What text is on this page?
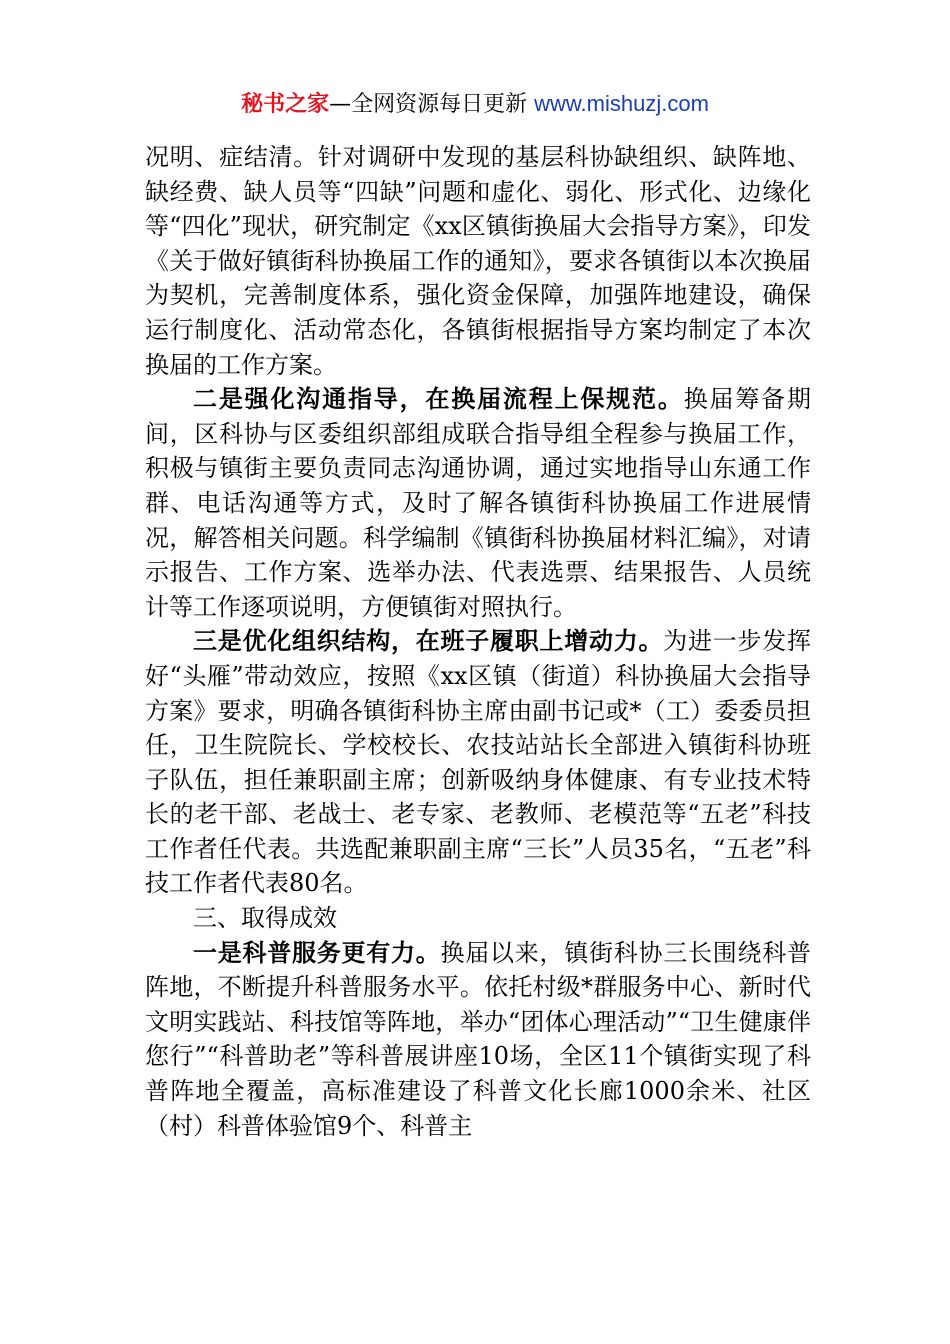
秘书之家—全网资源每日更新 www.mishuzj.com

况明、症结清。针对调研中发现的基层科协缺组织、缺阵地、缺经费、缺人员等“四缺”问题和虚化、弱化、形式化、边缘化等“四化”现状，研究制定《xx区镇街换届大会指导方案》，印发《关于做好镇街科协换届工作的通知》，要求各镇街以本次换届为契机，完善制度体系，强化资金保障，加强阵地建设，确保运行制度化、活动常态化，各镇街根据指导方案均制定了本次换届的工作方案。

二是强化沟通指导，在换届流程上保规范。换届筹备期间，区科协与区委组织部组成联合指导组全程参与换届工作，积极与镇街主要负责同志沟通协调，通过实地指导山东通工作群、电话沟通等方式，及时了解各镇街科协换届工作进展情况，解答相关问题。科学编制《镇街科协换届材料汇编》，对请示报告、工作方案、选举办法、代表选票、结果报告、人员统计等工作逐项说明，方便镇街对照执行。

三是优化组织结构，在班子履职上增动力。为进一步发挥好“头雁”带动效应，按照《xx区镇（街道）科协换届大会指导方案》要求，明确各镇街科协主席由副书记或*（工）委委员担任，卫生院院长、学校校长、农技站站长全部进入镇街科协班子队伍，担任兼职副主席；创新吸纳身体健康、有专业技术特长的老干部、老战士、老专家、老教师、老模范等“五老”科技工作者任代表。共选配兼职副主席“三长”人员35名，“五老”科技工作者代表80名。

三、取得成效

一是科普服务更有力。换届以来，镇街科协三长围绕科普阵地，不断提升科普服务水平。依托村级*群服务中心、新时代文明实践站、科技馆等阵地，举办“团体心理活动”“卫生健康伴您行”“科普助老”等科普展讲座10场，全区11个镇街实现了科普阵地全覆盖，高标准建设了科普文化长廊1000余米、社区（村）科普体验馆9个、科普主
